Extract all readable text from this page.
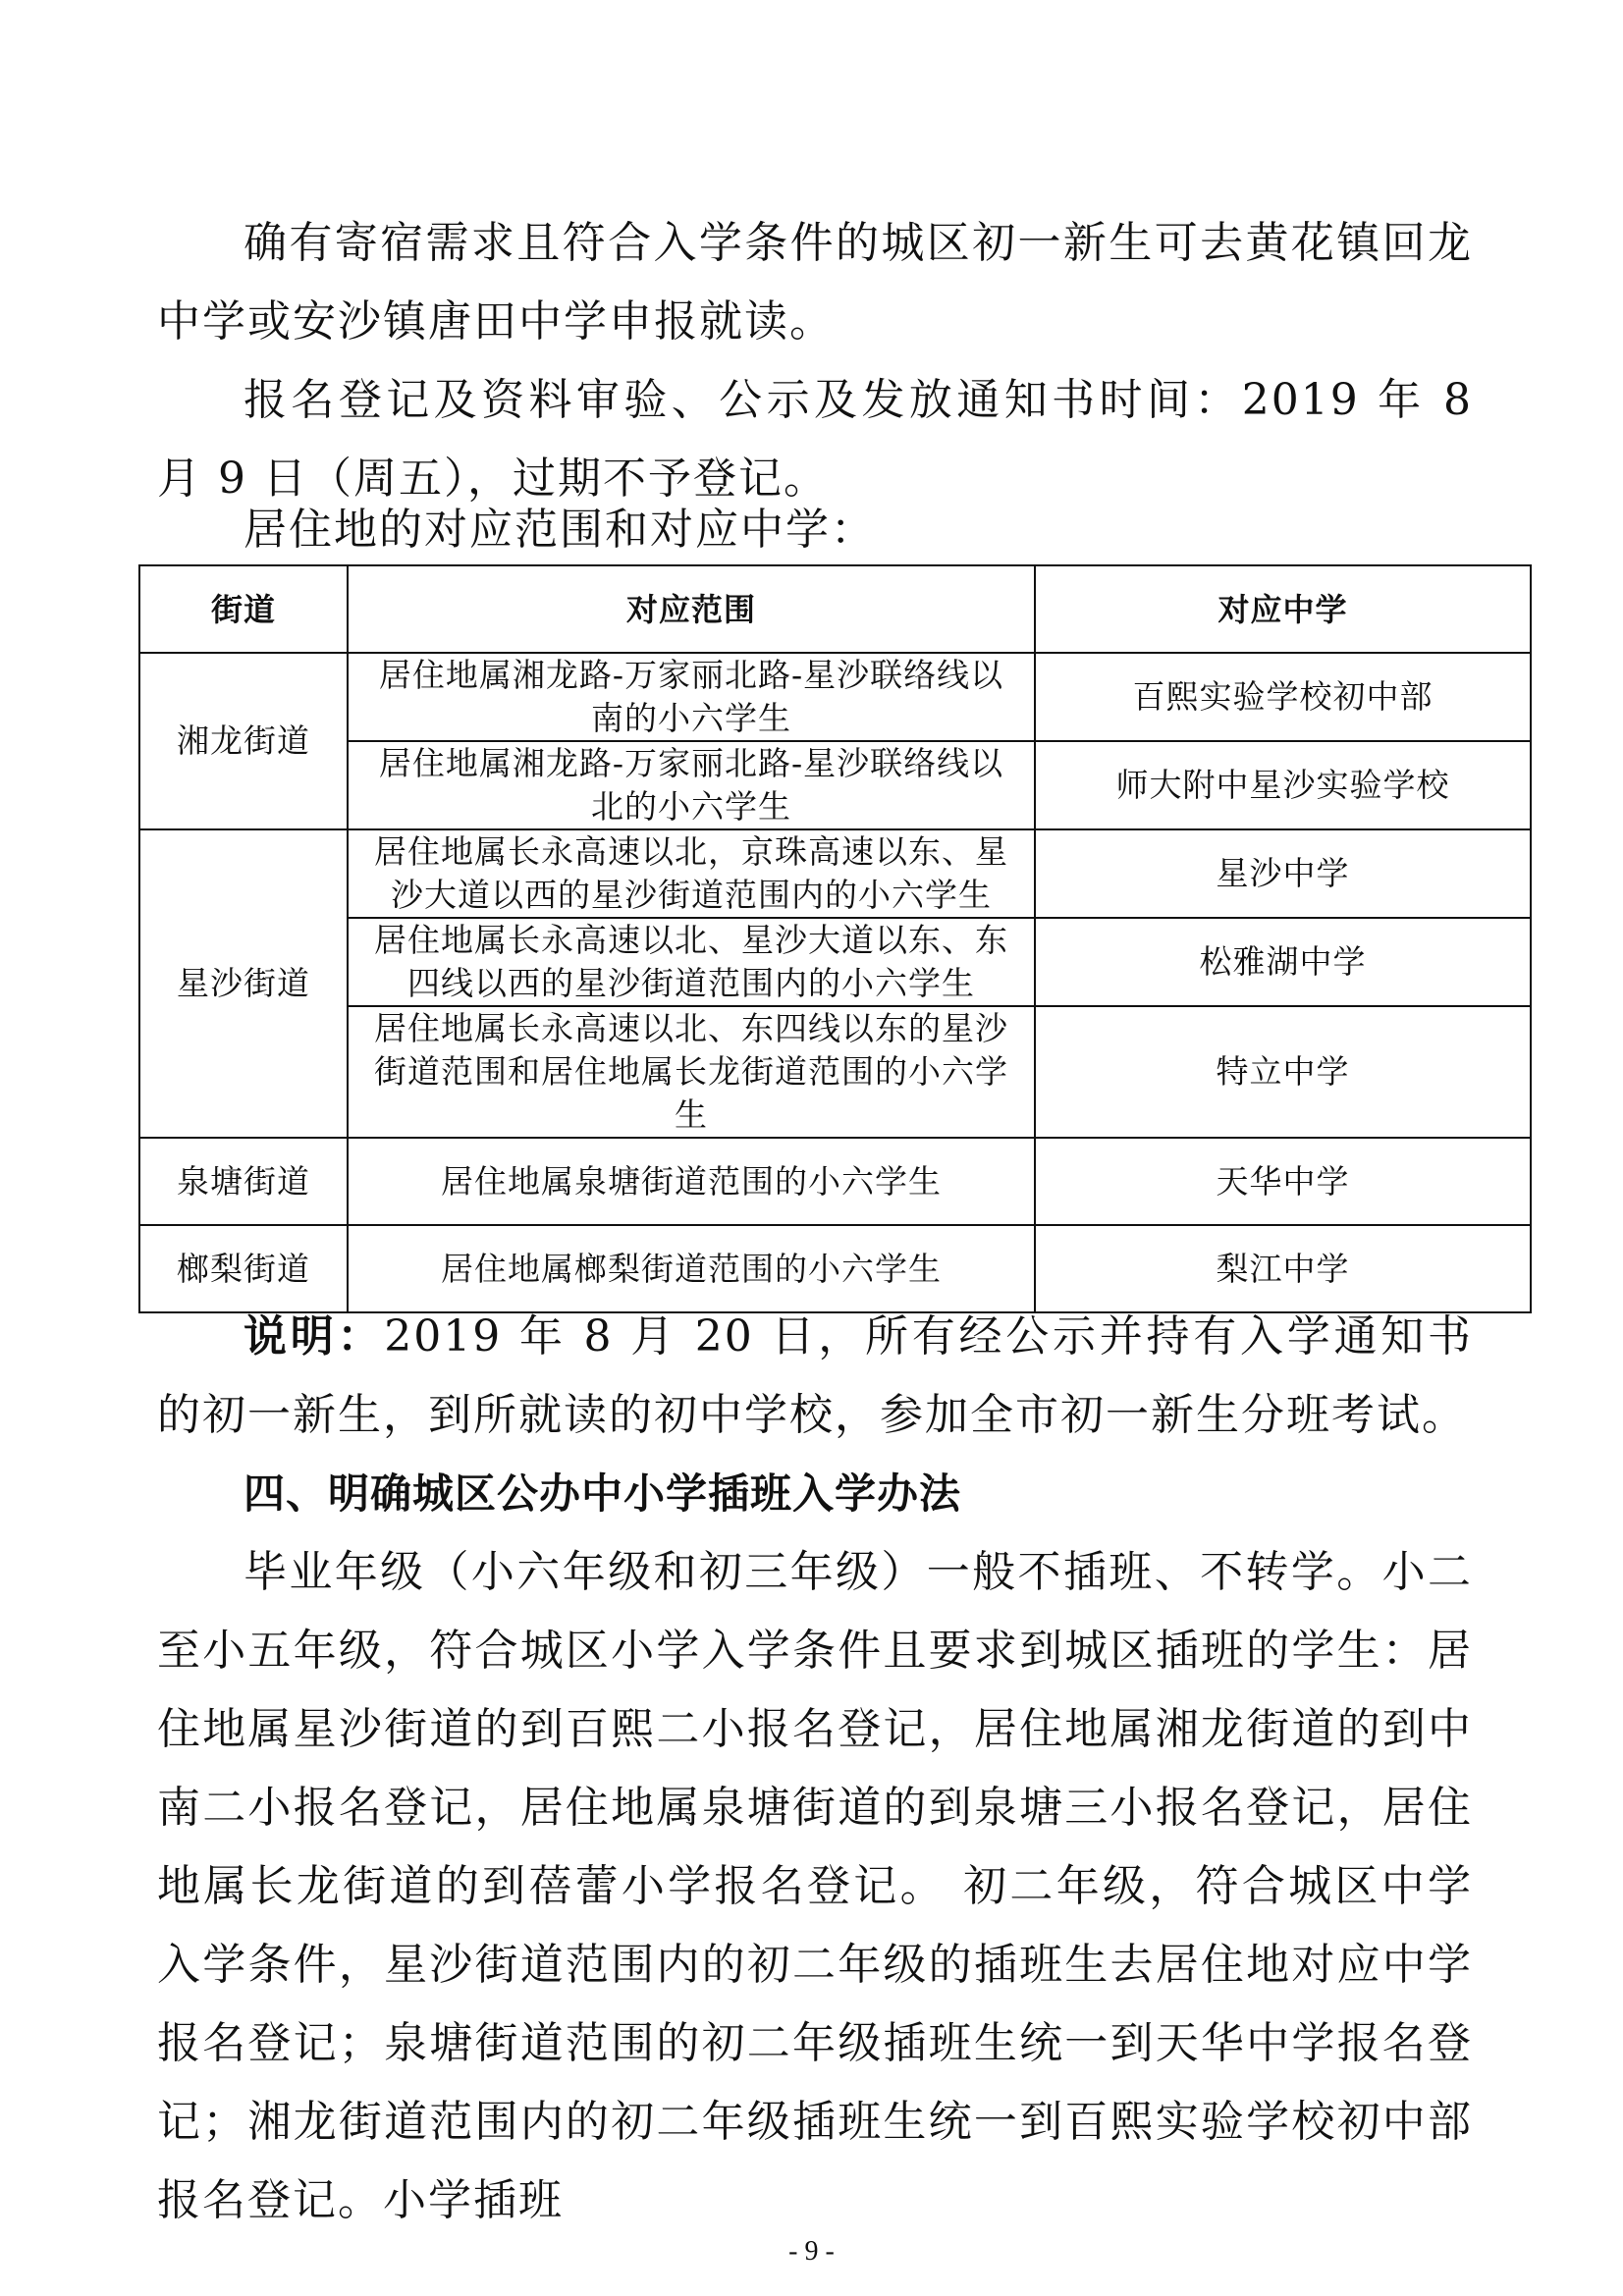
确有寄宿需求且符合入学条件的城区初一新生可去黄花镇回龙中学或安沙镇唐田中学申报就读。

报名登记及资料审验、公示及发放通知书时间：2019 年 8 月 9 日（周五），过期不予登记。

居住地的对应范围和对应中学：

街道	对应范围	对应中学
湘龙街道	居住地属湘龙路-万家丽北路-星沙联络线以南的小六学生	百熙实验学校初中部
	居住地属湘龙路-万家丽北路-星沙联络线以北的小六学生	师大附中星沙实验学校
星沙街道	居住地属长永高速以北，京珠高速以东、星沙大道以西的星沙街道范围内的小六学生	星沙中学
	居住地属长永高速以北、星沙大道以东、东四线以西的星沙街道范围内的小六学生	松雅湖中学
	居住地属长永高速以北、东四线以东的星沙街道范围和居住地属长龙街道范围的小六学生	特立中学
泉塘街道	居住地属泉塘街道范围的小六学生	天华中学
榔梨街道	居住地属榔梨街道范围的小六学生	梨江中学

说明：2019 年 8 月 20 日，所有经公示并持有入学通知书的初一新生，到所就读的初中学校，参加全市初一新生分班考试。

四、明确城区公办中小学插班入学办法

毕业年级（小六年级和初三年级）一般不插班、不转学。小二至小五年级，符合城区小学入学条件且要求到城区插班的学生：居住地属星沙街道的到百熙二小报名登记，居住地属湘龙街道的到中南二小报名登记，居住地属泉塘街道的到泉塘三小报名登记，居住地属长龙街道的到蓓蕾小学报名登记。 初二年级，符合城区中学入学条件，星沙街道范围内的初二年级的插班生去居住地对应中学报名登记；泉塘街道范围的初二年级插班生统一到天华中学报名登记；湘龙街道范围内的初二年级插班生统一到百熙实验学校初中部报名登记。小学插班

- 9 -
